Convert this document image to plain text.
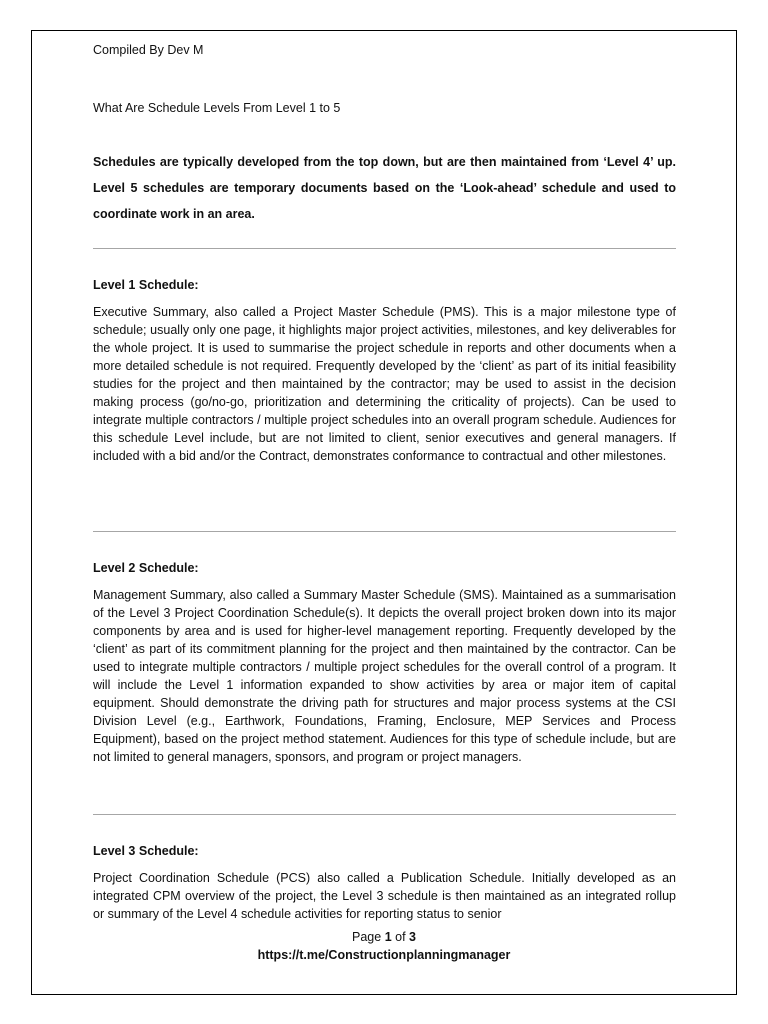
Compiled By Dev M
What Are Schedule Levels From Level 1 to 5

Schedules are typically developed from the top down, but are then maintained from ‘Level 4’ up. Level 5 schedules are temporary documents based on the ‘Look-ahead’ schedule and used to coordinate work in an area.

Level 1 Schedule:

Executive Summary, also called a Project Master Schedule (PMS). This is a major milestone type of schedule; usually only one page, it highlights major project activities, milestones, and key deliverables for the whole project. It is used to summarise the project schedule in reports and other documents when a more detailed schedule is not required. Frequently developed by the ‘client’ as part of its initial feasibility studies for the project and then maintained by the contractor; may be used to assist in the decision making process (go/no-go, prioritization and determining the criticality of projects). Can be used to integrate multiple contractors / multiple project schedules into an overall program schedule. Audiences for this schedule Level include, but are not limited to client, senior executives and general managers. If included with a bid and/or the Contract, demonstrates conformance to contractual and other milestones.

Level 2 Schedule:

Management Summary, also called a Summary Master Schedule (SMS). Maintained as a summarisation of the Level 3 Project Coordination Schedule(s). It depicts the overall project broken down into its major components by area and is used for higher-level management reporting. Frequently developed by the ‘client’ as part of its commitment planning for the project and then maintained by the contractor. Can be used to integrate multiple contractors / multiple project schedules for the overall control of a program. It will include the Level 1 information expanded to show activities by area or major item of capital equipment. Should demonstrate the driving path for structures and major process systems at the CSI Division Level (e.g., Earthwork, Foundations, Framing, Enclosure, MEP Services and Process Equipment), based on the project method statement. Audiences for this type of schedule include, but are not limited to general managers, sponsors, and program or project managers.

Level 3 Schedule:

Project Coordination Schedule (PCS) also called a Publication Schedule. Initially developed as an integrated CPM overview of the project, the Level 3 schedule is then maintained as an integrated rollup or summary of the Level 4 schedule activities for reporting status to senior

Page 1 of 3
https://t.me/Constructionplanningmanager
